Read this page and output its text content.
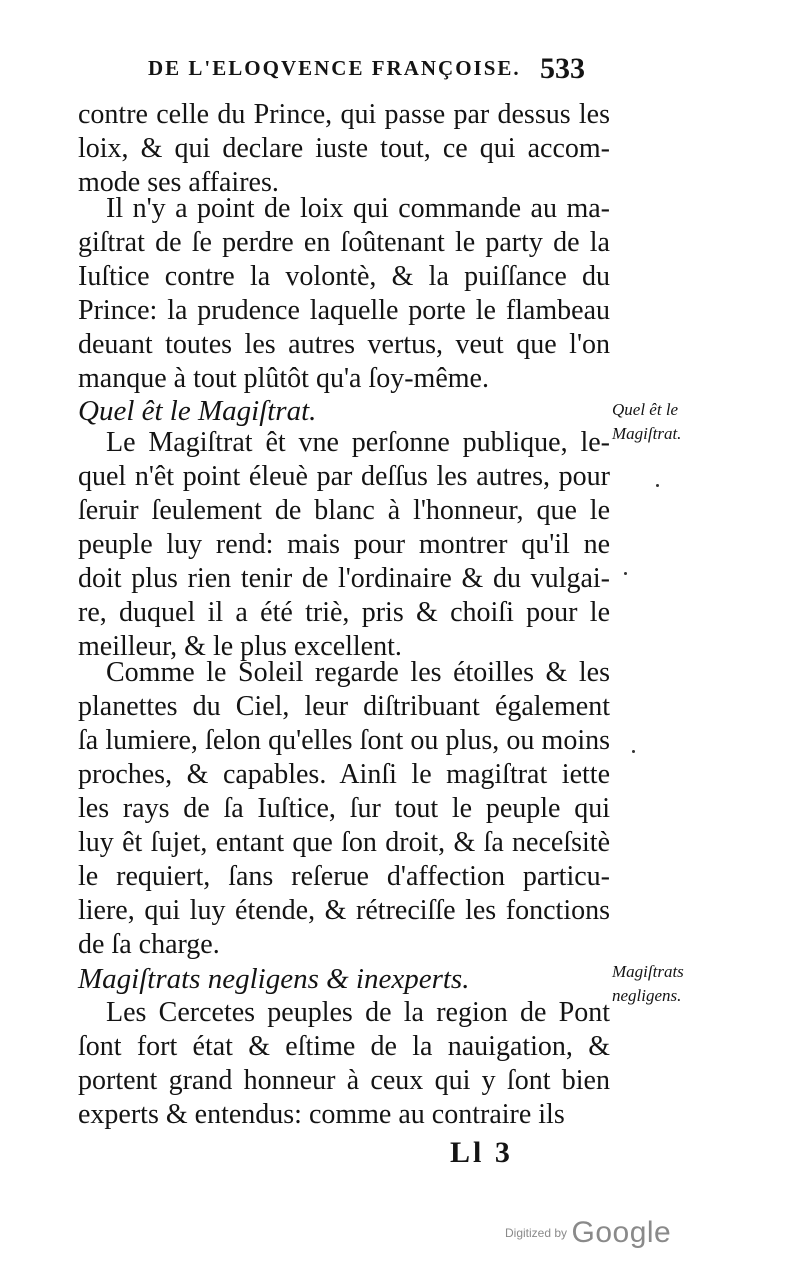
DE L'ELOQVENCE FRANÇOISE. 533
contre celle du Prince, qui passe par dessus les
loix, & qui declare iuste tout, ce qui accom-
mode ses affaires.
Il n'y a point de loix qui commande au ma-
giſtrat de ſe perdre en ſoûtenant le party de la
Iuſtice contre la volontè, & la puiſſance du
Prince: la prudence laquelle porte le flambeau
deuant toutes les autres vertus, veut que l'on
manque à tout plûtôt qu'a ſoy-même.
Quel êt le Magiſtrat.
Le Magiſtrat êt vne perſonne publique, le-
quel n'êt point éleuè par deſſus les autres, pour
ſeruir ſeulement de blanc à l'honneur, que le
peuple luy rend: mais pour montrer qu'il ne
doit plus rien tenir de l'ordinaire & du vulgai-
re, duquel il a été triè, pris & choiſi pour le
meilleur, & le plus excellent.
Comme le Soleil regarde les étoilles & les
planettes du Ciel, leur diſtribuant également
ſa lumiere, ſelon qu'elles ſont ou plus, ou moins
proches, & capables. Ainſi le magiſtrat iette
les rays de ſa Iuſtice, ſur tout le peuple qui
luy êt ſujet, entant que ſon droit, & ſa neceſsitè
le requiert, ſans reſerue d'affection particu-
liere, qui luy étende, & rétreciſſe les fonctions
de ſa charge.
Magiſtrats negligens & inexperts.
Les Cercetes peuples de la region de Pont
ſont fort état & eſtime de la nauigation, &
portent grand honneur à ceux qui y ſont bien
experts & entendus: comme au contraire ils
Quel êt le
Magiſtrat.
Magiſtrats
negligens.
Ll 3
Digitized by Google
